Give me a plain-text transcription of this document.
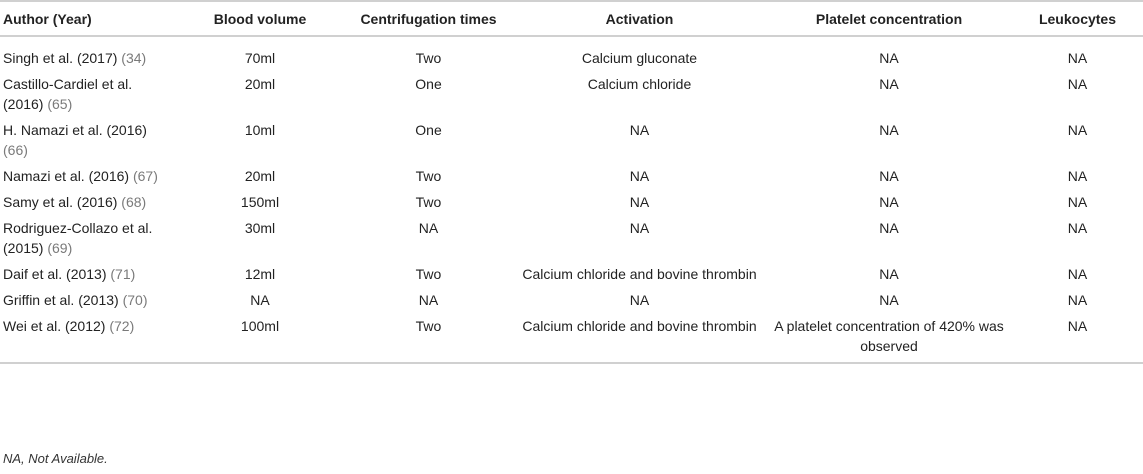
Author (Year)	Blood volume	Centrifugation times	Activation	Platelet concentration	Leukocytes
Singh et al. (2017) (34)	70ml	Two	Calcium gluconate	NA	NA
Castillo-Cardiel et al. (2016) (65)	20ml	One	Calcium chloride	NA	NA
H. Namazi et al. (2016) (66)	10ml	One	NA	NA	NA
Namazi et al. (2016) (67)	20ml	Two	NA	NA	NA
Samy et al. (2016) (68)	150ml	Two	NA	NA	NA
Rodriguez-Collazo et al. (2015) (69)	30ml	NA	NA	NA	NA
Daif et al. (2013) (71)	12ml	Two	Calcium chloride and bovine thrombin	NA	NA
Griffin et al. (2013) (70)	NA	NA	NA	NA	NA
Wei et al. (2012) (72)	100ml	Two	Calcium chloride and bovine thrombin	A platelet concentration of 420% was observed	NA
NA, Not Available.
